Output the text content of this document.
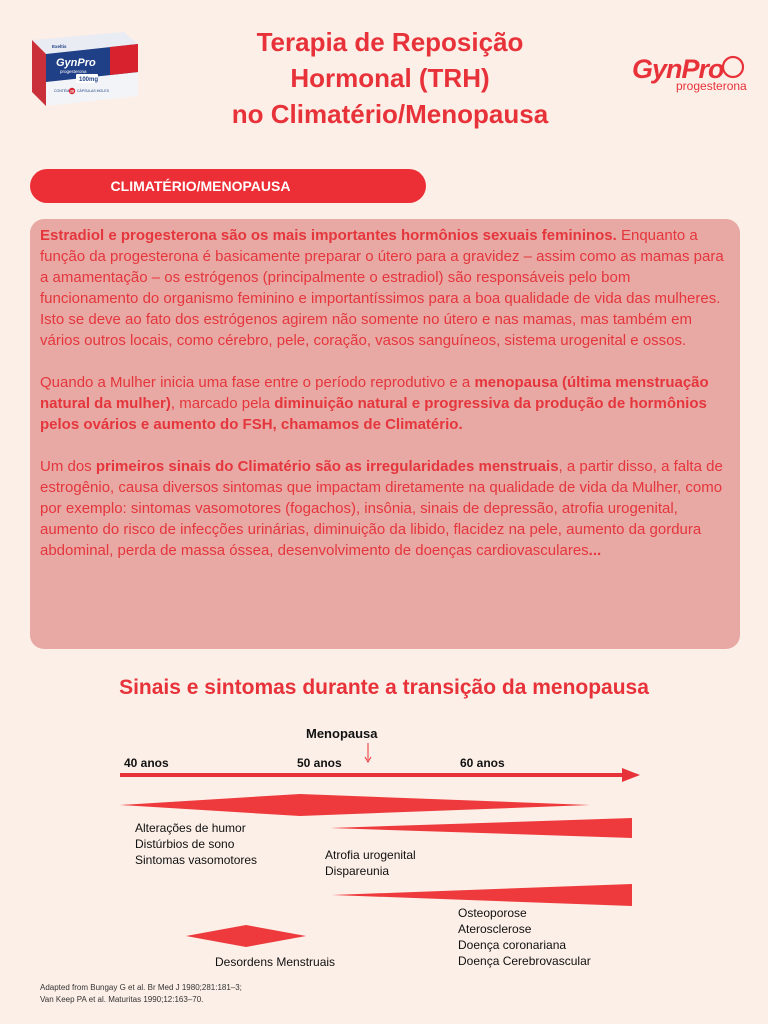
Exeltis
GynPro
progesterona
100mg
CONTÉM 28 CÁPSULAS MOLES
Terapia de Reposição
Hormonal (TRH)
no Climatério/Menopausa
GynPro
progesterona
CLIMATÉRIO/MENOPAUSA

Estradiol e progesterona são os mais importantes hormônios sexuais femininos. Enquanto a função da progesterona é basicamente preparar o útero para a gravidez – assim como as mamas para a amamentação – os estrógenos (principalmente o estradiol) são responsáveis pelo bom funcionamento do organismo feminino e importantíssimos para a boa qualidade de vida das mulheres. Isto se deve ao fato dos estrógenos agirem não somente no útero e nas mamas, mas também em vários outros locais, como cérebro, pele, coração, vasos sanguíneos, sistema urogenital e ossos.

Quando a Mulher inicia uma fase entre o período reprodutivo e a menopausa (última menstruação natural da mulher), marcado pela diminuição natural e progressiva da produção de hormônios pelos ovários e aumento do FSH, chamamos de Climatério.

Um dos primeiros sinais do Climatério são as irregularidades menstruais, a partir disso, a falta de estrogênio, causa diversos sintomas que impactam diretamente na qualidade de vida da Mulher, como por exemplo: sintomas vasomotores (fogachos), insônia, sinais de depressão, atrofia urogenital, aumento do risco de infecções urinárias, diminuição da libido, flacidez na pele, aumento da gordura abdominal, perda de massa óssea, desenvolvimento de doenças cardiovasculares...

Sinais e sintomas durante a transição da menopausa
Menopausa
40 anos	50 anos	60 anos
Alterações de humor
Distúrbios de sono
Sintomas vasomotores	Atrofia urogenital
Dispareunia
Osteoporose
Aterosclerose
Doença coronariana
Doença Cerebrovascular
Desordens Menstruais
Adapted from Bungay G et al. Br Med J 1980;281:181–3;
Van Keep PA et al. Maturitas 1990;12:163–70.
